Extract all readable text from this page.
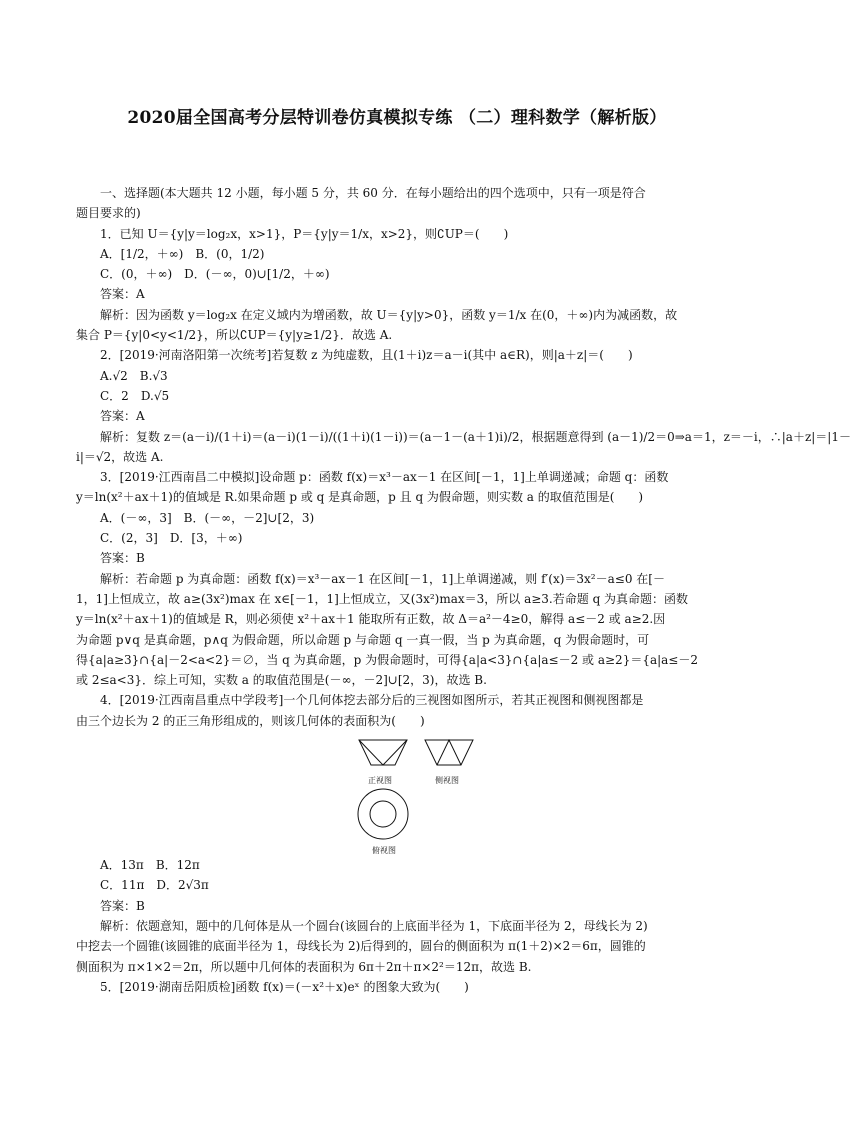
2020届全国高考分层特训卷仿真模拟专练 （二）理科数学（解析版）
一、选择题(本大题共 12 小题，每小题 5 分，共 60 分．在每小题给出的四个选项中，只有一项是符合
题目要求的)
1．已知 U＝{y|y＝log₂x，x>1}，P＝{y|y＝1/x，x>2}，则∁UP＝(　　)
A．[1/2，＋∞)　B．(0，1/2)
C．(0，＋∞)　D．(－∞，0)∪[1/2，＋∞)
答案：A
解析：因为函数 y＝log₂x 在定义域内为增函数，故 U＝{y|y>0}，函数 y＝1/x 在(0，＋∞)内为减函数，故
集合 P＝{y|0<y<1/2}，所以∁UP＝{y|y≥1/2}．故选 A.
2．[2019·河南洛阳第一次统考]若复数 z 为纯虚数，且(1＋i)z＝a－i(其中 a∈R)，则|a＋z|＝(　　)
A.√2　B.√3
C．2　D.√5
答案：A
解析：复数 z＝(a－i)/(1＋i)＝(a－i)(1－i)/((1＋i)(1－i))＝(a－1－(a＋1)i)/2，根据题意得到 (a－1)/2＝0⇒a＝1，z＝－i，∴|a＋z|＝|1－
i|＝√2，故选 A.
3．[2019·江西南昌二中模拟]设命题 p：函数 f(x)＝x³－ax－1 在区间[－1，1]上单调递减；命题 q：函数
y＝ln(x²＋ax＋1)的值域是 R.如果命题 p 或 q 是真命题，p 且 q 为假命题，则实数 a 的取值范围是(　　)
A．(－∞，3]　B．(－∞，－2]∪[2，3)
C．(2，3]　D．[3，＋∞)
答案：B
解析：若命题 p 为真命题：函数 f(x)＝x³－ax－1 在区间[－1，1]上单调递减，则 f′(x)＝3x²－a≤0 在[－
1，1]上恒成立，故 a≥(3x²)max 在 x∈[－1，1]上恒成立，又(3x²)max＝3，所以 a≥3.若命题 q 为真命题：函数
y＝ln(x²＋ax＋1)的值域是 R，则必须使 x²＋ax＋1 能取所有正数，故 Δ＝a²－4≥0，解得 a≤－2 或 a≥2.因
为命题 p∨q 是真命题，p∧q 为假命题，所以命题 p 与命题 q 一真一假，当 p 为真命题，q 为假命题时，可
得{a|a≥3}∩{a|－2<a<2}＝∅，当 q 为真命题，p 为假命题时，可得{a|a<3}∩{a|a≤－2 或 a≥2}＝{a|a≤－2
或 2≤a<3}．综上可知，实数 a 的取值范围是(－∞，－2]∪[2，3)，故选 B.
4．[2019·江西南昌重点中学段考]一个几何体挖去部分后的三视图如图所示，若其正视图和侧视图都是
由三个边长为 2 的正三角形组成的，则该几何体的表面积为(　　)
正视图	侧视图
俯视图
A．13π　B．12π
C．11π　D．2√3π
答案：B
解析：依题意知，题中的几何体是从一个圆台(该圆台的上底面半径为 1，下底面半径为 2，母线长为 2)
中挖去一个圆锥(该圆锥的底面半径为 1，母线长为 2)后得到的，圆台的侧面积为 π(1＋2)×2＝6π，圆锥的
侧面积为 π×1×2＝2π，所以题中几何体的表面积为 6π＋2π＋π×2²＝12π，故选 B.
5．[2019·湖南岳阳质检]函数 f(x)＝(－x²＋x)eˣ 的图象大致为(　　)
